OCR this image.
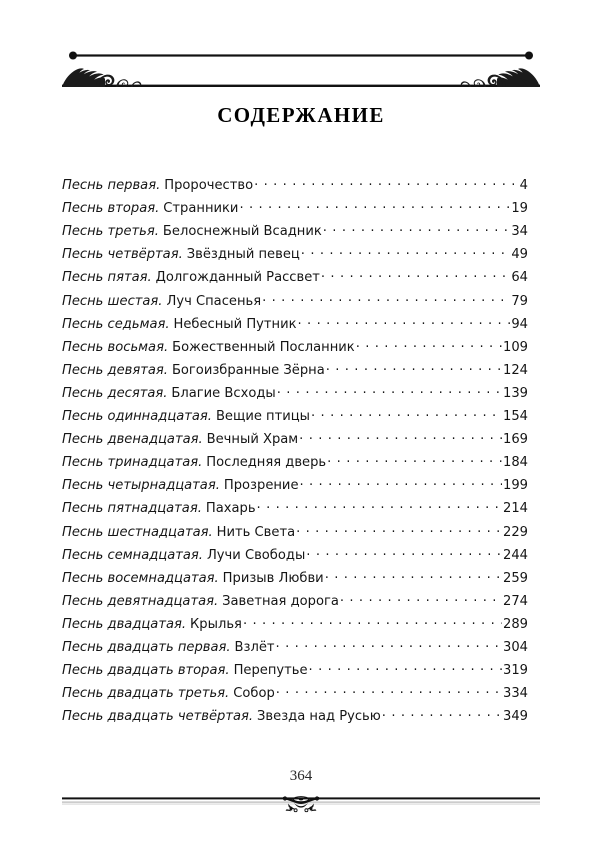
СОДЕРЖАНИЕ
Песнь первая. Пророчество . . .	4
Песнь вторая. Странники . . .	19
Песнь третья. Белоснежный Всадник . . .	34
Песнь четвёртая. Звёздный певец . . .	49
Песнь пятая. Долгожданный Рассвет . . .	64
Песнь шестая. Луч Спасенья . . .	79
Песнь седьмая. Небесный Путник . . .	94
Песнь восьмая. Божественный Посланник . . .	109
Песнь девятая. Богоизбранные Зёрна . . .	124
Песнь десятая. Благие Всходы . . .	139
Песнь одиннадцатая. Вещие птицы . . .	154
Песнь двенадцатая. Вечный Храм . . .	169
Песнь тринадцатая. Последняя дверь . . .	184
Песнь четырнадцатая. Прозрение . . .	199
Песнь пятнадцатая. Пахарь . . .	214
Песнь шестнадцатая. Нить Света . . .	229
Песнь семнадцатая. Лучи Свободы . . .	244
Песнь восемнадцатая. Призыв Любви . . .	259
Песнь девятнадцатая. Заветная дорога . . .	274
Песнь двадцатая. Крылья . . .	289
Песнь двадцать первая. Взлёт . . .	304
Песнь двадцать вторая. Перепутье . . .	319
Песнь двадцать третья. Собор . . .	334
Песнь двадцать четвёртая. Звезда над Русью . . .	349
364
